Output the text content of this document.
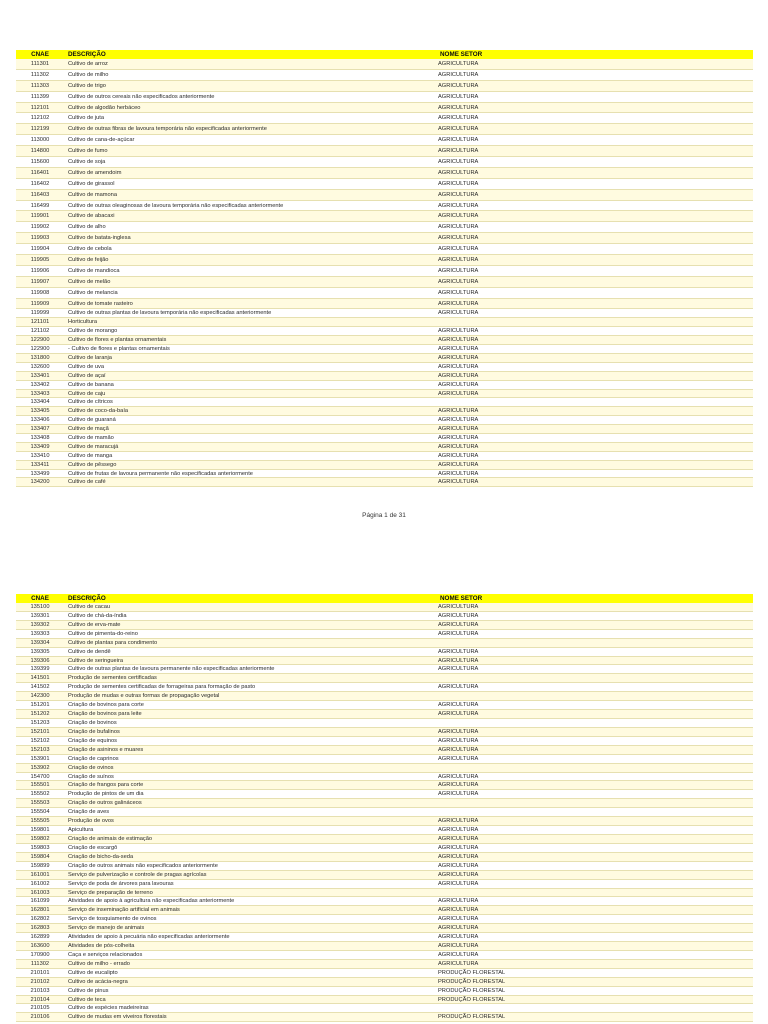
CNAE	DESCRIÇÃO	NOME SETOR
111301	Cultivo de arroz	AGRICULTURA
111302	Cultivo de milho	AGRICULTURA
111303	Cultivo de trigo	AGRICULTURA
111399	Cultivo de outros cereais não especificados anteriormente	AGRICULTURA
112101	Cultivo de algodão herbáceo	AGRICULTURA
112102	Cultivo de juta	AGRICULTURA
112199	Cultivo de outras fibras de lavoura temporária não especificadas anteriormente	AGRICULTURA
113000	Cultivo de cana-de-açúcar	AGRICULTURA
114800	Cultivo de fumo	AGRICULTURA
115600	Cultivo de soja	AGRICULTURA
116401	Cultivo de amendoim	AGRICULTURA
116402	Cultivo de girassol	AGRICULTURA
116403	Cultivo de mamona	AGRICULTURA
116499	Cultivo de outras oleaginosas de lavoura temporária não especificadas anteriormente	AGRICULTURA
119901	Cultivo de abacaxi	AGRICULTURA
119902	Cultivo de alho	AGRICULTURA
119903	Cultivo de batata-inglesa	AGRICULTURA
119904	Cultivo de cebola	AGRICULTURA
119905	Cultivo de feijão	AGRICULTURA
119906	Cultivo de mandioca	AGRICULTURA
119907	Cultivo de melão	AGRICULTURA
119908	Cultivo de melancia	AGRICULTURA
119909	Cultivo de tomate rasteiro	AGRICULTURA
119999	Cultivo de outras plantas de lavoura temporária não especificadas anteriormente	AGRICULTURA
121101	Horticultura
121102	Cultivo de morango	AGRICULTURA
122900	Cultivo de flores e plantas ornamentais	AGRICULTURA
122900	- Cultivo de flores e plantas ornamentais	AGRICULTURA
131800	Cultivo de laranja	AGRICULTURA
132600	Cultivo de uva	AGRICULTURA
133401	Cultivo de açaí	AGRICULTURA
133402	Cultivo de banana	AGRICULTURA
133403	Cultivo de caju	AGRICULTURA
133404	Cultivo de cítricos
133405	Cultivo de coco-da-baía	AGRICULTURA
133406	Cultivo de guaraná	AGRICULTURA
133407	Cultivo de maçã	AGRICULTURA
133408	Cultivo de mamão	AGRICULTURA
133409	Cultivo de maracujá	AGRICULTURA
133410	Cultivo de manga	AGRICULTURA
133411	Cultivo de pêssego	AGRICULTURA
133499	Cultivo de frutas de lavoura permanente não especificadas anteriormente	AGRICULTURA
134200	Cultivo de café	AGRICULTURA
Página 1 de 31
CNAE	DESCRIÇÃO	NOME SETOR
135100	Cultivo de cacau	AGRICULTURA
139301	Cultivo de chá-da-índia	AGRICULTURA
139302	Cultivo de erva-mate	AGRICULTURA
139303	Cultivo de pimenta-do-reino	AGRICULTURA
139304	Cultivo de plantas para condimento
139305	Cultivo de dendê	AGRICULTURA
139306	Cultivo de seringueira	AGRICULTURA
139399	Cultivo de outras plantas de lavoura permanente não especificadas anteriormente	AGRICULTURA
141501	Produção de sementes certificadas
141502	Produção de sementes certificadas de forrageiras para formação de pasto	AGRICULTURA
142300	Produção de mudas e outras formas de propagação vegetal
151201	Criação de bovinos para corte	AGRICULTURA
151202	Criação de bovinos para leite	AGRICULTURA
151203	Criação de bovinos
152101	Criação de bufalinos	AGRICULTURA
152102	Criação de equinos	AGRICULTURA
152103	Criação de asininos e muares	AGRICULTURA
153901	Criação de caprinos	AGRICULTURA
153902	Criação de ovinos
154700	Criação de suínos	AGRICULTURA
155501	Criação de frangos para corte	AGRICULTURA
155502	Produção de pintos de um dia	AGRICULTURA
155503	Criação de outros galináceos
155504	Criação de aves
155505	Produção de ovos	AGRICULTURA
159801	Apicultura	AGRICULTURA
159802	Criação de animais de estimação	AGRICULTURA
159803	Criação de escargô	AGRICULTURA
159804	Criação de bicho-da-seda	AGRICULTURA
159899	Criação de outros animais não especificados anteriormente	AGRICULTURA
161001	Serviço de pulverização e controle de pragas agrícolas	AGRICULTURA
161002	Serviço de poda de árvores para lavouras	AGRICULTURA
161003	Serviço de preparação de terreno
161099	Atividades de apoio à agricultura não especificadas anteriormente	AGRICULTURA
162801	Serviço de inseminação artificial em animais	AGRICULTURA
162802	Serviço de tosquiamento de ovinos	AGRICULTURA
162803	Serviço de manejo de animais	AGRICULTURA
162899	Atividades de apoio à pecuária não especificadas anteriormente	AGRICULTURA
163600	Atividades de pós-colheita	AGRICULTURA
170900	Caça e serviços relacionados	AGRICULTURA
111302	Cultivo de milho - errado	AGRICULTURA
210101	Cultivo de eucalipto	PRODUÇÃO FLORESTAL
210102	Cultivo de acácia-negra	PRODUÇÃO FLORESTAL
210103	Cultivo de pinus	PRODUÇÃO FLORESTAL
210104	Cultivo de teca	PRODUÇÃO FLORESTAL
210105	Cultivo de espécies madeireiras
210106	Cultivo de mudas em viveiros florestais	PRODUÇÃO FLORESTAL
